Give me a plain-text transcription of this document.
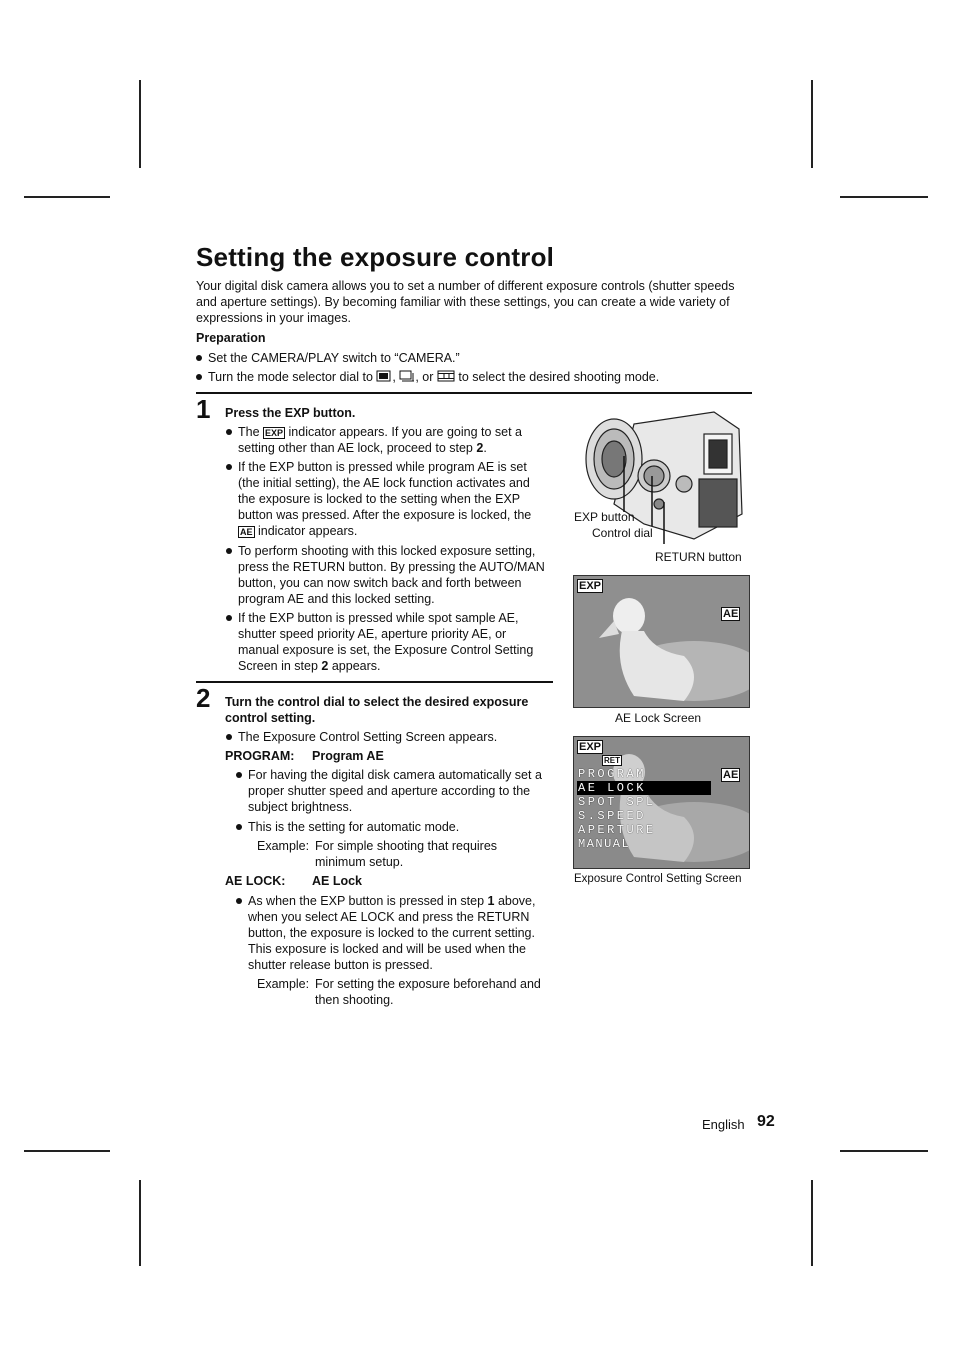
Setting the exposure control

Your digital disk camera allows you to set a number of different exposure controls (shutter speeds and aperture settings). By becoming familiar with these settings, you can create a wide variety of expressions in your images.

Preparation

Set the CAMERA/PLAY switch to “CAMERA.”
Turn the mode selector dial to , , or to select the desired shooting mode.
1 Press the EXP button.

The EXP indicator appears. If you are going to set a setting other than AE lock, proceed to step 2.
If the EXP button is pressed while program AE is set (the initial setting), the AE lock function activates and the exposure is locked to the setting when the EXP button was pressed. After the exposure is locked, the AE indicator appears.
To perform shooting with this locked exposure setting, press the RETURN button. By pressing the AUTO/MAN button, you can now switch back and forth between program AE and this locked setting.
If the EXP button is pressed while spot sample AE, shutter speed priority AE, aperture priority AE, or manual exposure is set, the Exposure Control Setting Screen in step 2 appears.
2 Turn the control dial to select the desired exposure control setting.

The Exposure Control Setting Screen appears.

PROGRAM: Program AE

For having the digital disk camera automatically set a proper shutter speed and aperture according to the subject brightness.
This is the setting for automatic mode.

Example: For simple shooting that requires minimum setup.

AE LOCK: AE Lock

As when the EXP button is pressed in step 1 above, when you select AE LOCK and press the RETURN button, the exposure is locked to the current setting. This exposure is locked and will be used when the shutter release button is pressed.

Example: For setting the exposure beforehand and then shooting.

EXP button
Control dial
RETURN button
EXP
AE
AE Lock Screen
EXP
RET
AE
PROGRAM
AE LOCK
SPOT SPL
S.SPEED
APERTURE
MANUAL
Exposure Control Setting Screen
English 92
